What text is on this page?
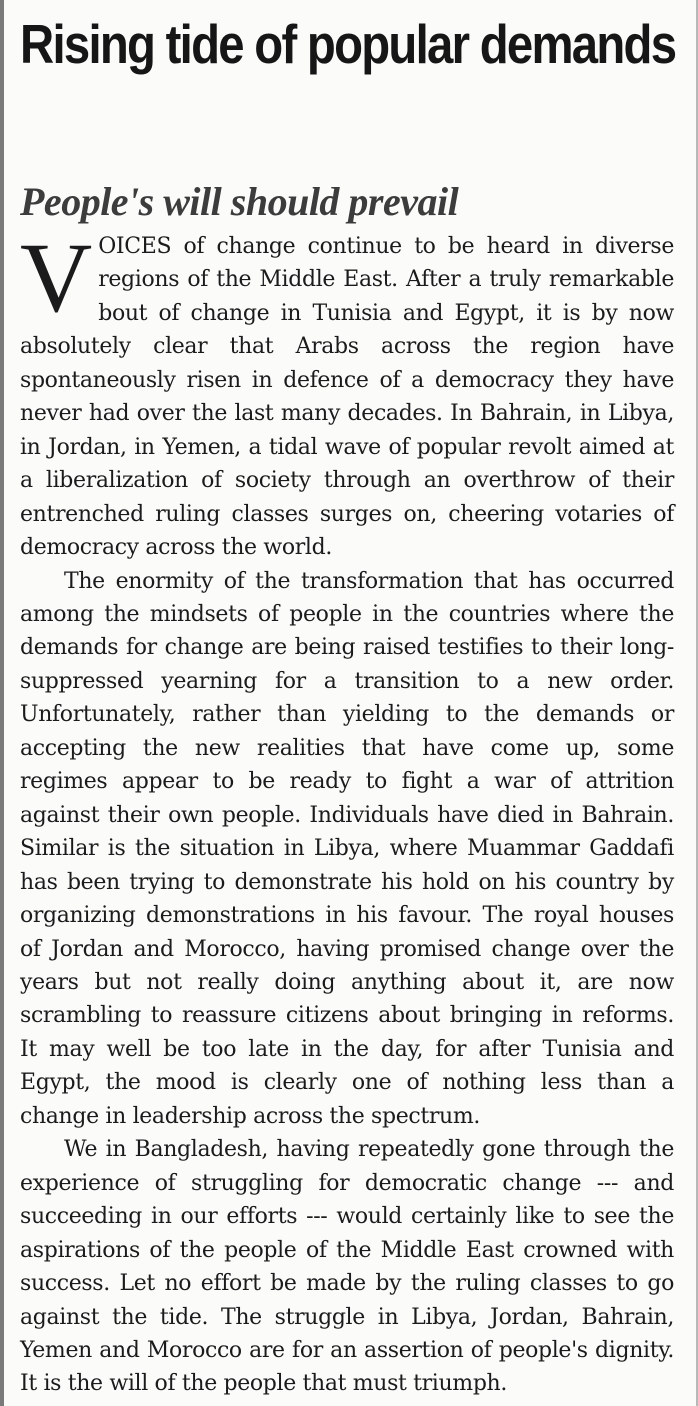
Rising tide of popular demands
People's will should prevail

VOICES of change continue to be heard in diverse regions of the Middle East. After a truly remarkable bout of change in Tunisia and Egypt, it is by now absolutely clear that Arabs across the region have spontaneously risen in defence of a democracy they have never had over the last many decades. In Bahrain, in Libya, in Jordan, in Yemen, a tidal wave of popular revolt aimed at a liberalization of society through an overthrow of their entrenched ruling classes surges on, cheering votaries of democracy across the world.

The enormity of the transformation that has occurred among the mindsets of people in the countries where the demands for change are being raised testifies to their long-suppressed yearning for a transition to a new order. Unfortunately, rather than yielding to the demands or accepting the new realities that have come up, some regimes appear to be ready to fight a war of attrition against their own people. Individuals have died in Bahrain. Similar is the situation in Libya, where Muammar Gaddafi has been trying to demonstrate his hold on his country by organizing demonstrations in his favour. The royal houses of Jordan and Morocco, having promised change over the years but not really doing anything about it, are now scrambling to reassure citizens about bringing in reforms. It may well be too late in the day, for after Tunisia and Egypt, the mood is clearly one of nothing less than a change in leadership across the spectrum.

We in Bangladesh, having repeatedly gone through the experience of struggling for democratic change --- and succeeding in our efforts --- would certainly like to see the aspirations of the people of the Middle East crowned with success. Let no effort be made by the ruling classes to go against the tide. The struggle in Libya, Jordan, Bahrain, Yemen and Morocco are for an assertion of people's dignity. It is the will of the people that must triumph.
